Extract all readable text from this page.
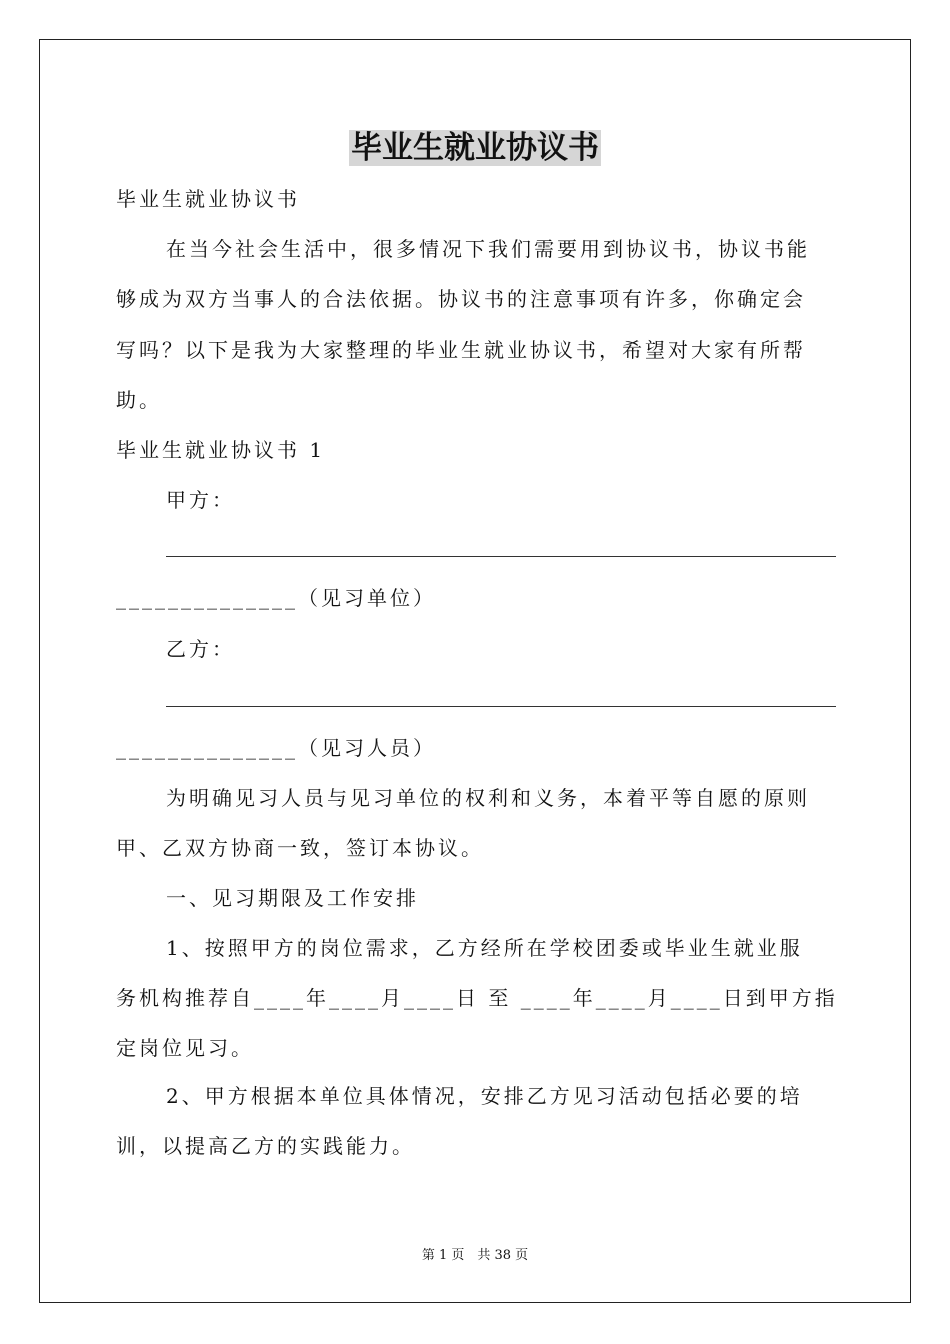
毕业生就业协议书
毕业生就业协议书
在当今社会生活中，很多情况下我们需要用到协议书，协议书能
够成为双方当事人的合法依据。协议书的注意事项有许多，你确定会
写吗？以下是我为大家整理的毕业生就业协议书，希望对大家有所帮
助。
毕业生就业协议书 1
甲方：
______________（见习单位）
乙方：
______________（见习人员）
为明确见习人员与见习单位的权利和义务，本着平等自愿的原则
甲、乙双方协商一致，签订本协议。
一、见习期限及工作安排
1、按照甲方的岗位需求，乙方经所在学校团委或毕业生就业服
务机构推荐自____年____月____日 至 ____年____月____日到甲方指
定岗位见习。
2、甲方根据本单位具体情况，安排乙方见习活动包括必要的培
训，以提高乙方的实践能力。
第 1 页　共 38 页
